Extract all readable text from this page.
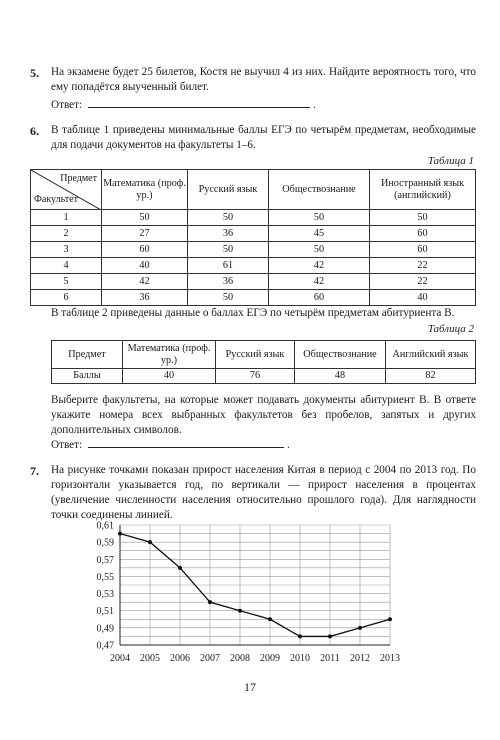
5. На экзамене будет 25 билетов, Костя не выучил 4 из них. Найдите вероятность того, что ему попадётся выученный билет.
Ответ:	.
6. В таблице 1 приведены минимальные баллы ЕГЭ по четырём предметам, необходимые для подачи документов на факультеты 1–6.
Таблица 1
Предмет
Факультет	Математика (проф. ур.)	Русский язык	Обществознание	Иностранный язык (английский)
1	50	50	50	50
2	27	36	45	60
3	60	50	50	60
4	40	61	42	22
5	42	36	42	22
6	36	50	60	40
В таблице 2 приведены данные о баллах ЕГЭ по четырём предметам абитуриента В.
Таблица 2
Предмет	Математика (проф. ур.)	Русский язык	Обществознание	Английский язык
Баллы	40	76	48	82
Выберите факультеты, на которые может подавать документы абитуриент В. В ответе укажите номера всех выбранных факультетов без пробелов, запятых и других дополнительных символов.
Ответ:	.
7. На рисунке точками показан прирост населения Китая в период с 2004 по 2013 год. По горизонтали указывается год, по вертикали — прирост населения в процентах (увеличение численности населения относительно прошлого года). Для наглядности точки соединены линией.
0,47
0,49
0,51
0,53
0,55
0,57
0,59
0,61
2004 2005 2006 2007 2008 2009 2010 2011 2012 2013
17
